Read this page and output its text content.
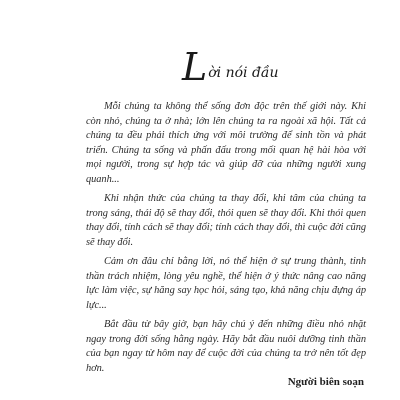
L ời nói đầu

Mỗi chúng ta không thể sống đơn độc trên thế giới này. Khi còn nhỏ, chúng ta ở nhà; lớn lên chúng ta ra ngoài xã hội. Tất cả chúng ta đều phải thích ứng với môi trường để sinh tồn và phát triển. Chúng ta sống và phấn đấu trong mối quan hệ hài hòa với mọi người, trong sự hợp tác và giúp đỡ của những người xung quanh...

Khi nhận thức của chúng ta thay đổi, khi tâm của chúng ta trong sáng, thái độ sẽ thay đổi, thói quen sẽ thay đổi. Khi thói quen thay đổi, tính cách sẽ thay đổi; tính cách thay đổi, thì cuộc đời cũng sẽ thay đổi.

Cảm ơn đâu chỉ bằng lời, nó thể hiện ở sự trung thành, tinh thần trách nhiệm, lòng yêu nghề, thể hiện ở ý thức nâng cao năng lực làm việc, sự hăng say học hỏi, sáng tạo, khả năng chịu đựng áp lực...

Bắt đầu từ bây giờ, bạn hãy chú ý đến những điều nhỏ nhặt ngay trong đời sống hằng ngày. Hãy bắt đầu nuôi dưỡng tinh thần của bạn ngay từ hôm nay để cuộc đời của chúng ta trở nên tốt đẹp hơn.

Người biên soạn
